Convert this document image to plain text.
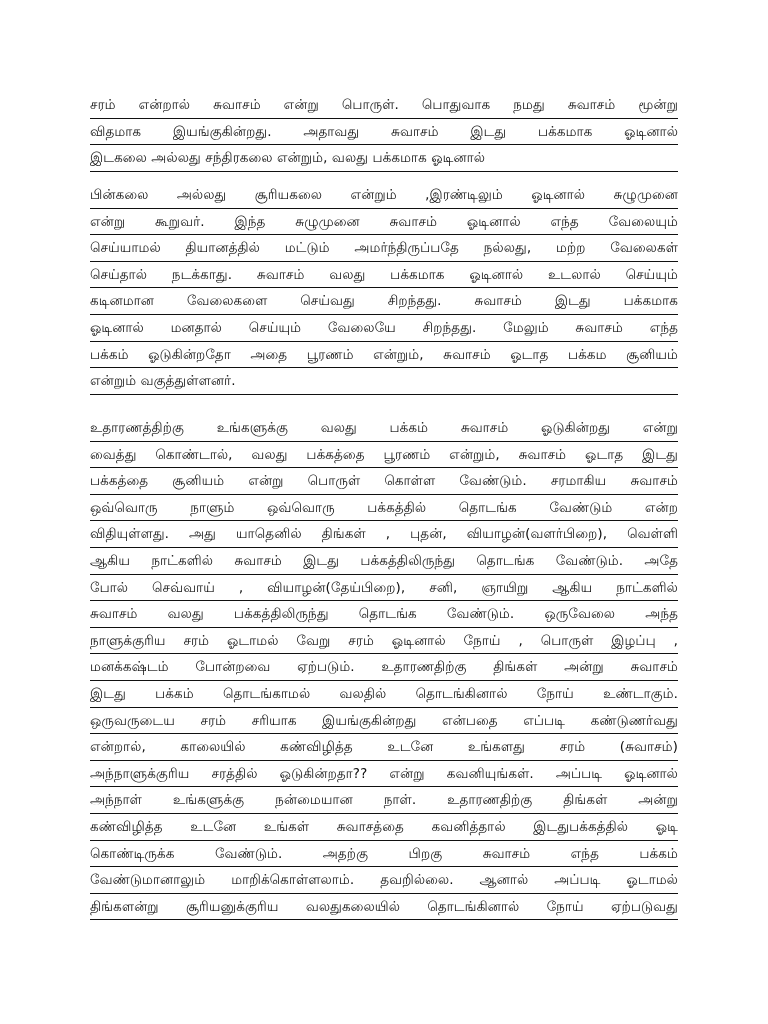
சரம் என்றால் சுவாசம் என்று பொருள். பொதுவாக நமது சுவாசம் மூன்று
விதமாக இயங்குகின்றது. அதாவது சுவாசம் இடது பக்கமாக ஓடினால்
இடகலை அல்லது சந்திரகலை என்றும், வலது பக்கமாக ஓடினால்
பின்கலை அல்லது சூரியகலை என்றும் ,இரண்டிலும் ஓடினால் சுழுமுனை
என்று கூறுவர். இந்த சுழுமுனை சுவாசம் ஓடினால் எந்த வேலையும்
செய்யாமல் தியானத்தில் மட்டும் அமர்ந்திருப்பதே நல்லது, மற்ற வேலைகள்
செய்தால் நடக்காது. சுவாசம் வலது பக்கமாக ஓடினால் உடலால் செய்யும்
கடினமான வேலைகளை செய்வது சிறந்தது. சுவாசம் இடது பக்கமாக
ஓடினால் மனதால் செய்யும் வேலையே சிறந்தது. மேலும் சுவாசம் எந்த
பக்கம் ஓடுகின்றதோ அதை பூரணம் என்றும், சுவாசம் ஓடாத பக்கம சூனியம்
என்றும் வகுத்துள்ளனர்.
உதாரணத்திற்கு உங்களுக்கு வலது பக்கம் சுவாசம் ஓடுகின்றது என்று
வைத்து கொண்டால், வலது பக்கத்தை பூரணம் என்றும், சுவாசம் ஓடாத இடது
பக்கத்தை சூனியம் என்று பொருள் கொள்ள வேண்டும். சரமாகிய சுவாசம்
ஒவ்வொரு நாளும் ஒவ்வொரு பக்கத்தில் தொடங்க வேண்டும் என்ற
விதியுள்ளது. அது யாதெனில் திங்கள் , புதன், வியாழன்(வளர்பிறை), வெள்ளி
ஆகிய நாட்களில் சுவாசம் இடது பக்கத்திலிருந்து தொடங்க வேண்டும். அதே
போல் செவ்வாய் , வியாழன்(தேய்பிறை), சனி, ஞாயிறு ஆகிய நாட்களில்
சுவாசம் வலது பக்கத்திலிருந்து தொடங்க வேண்டும். ஒருவேலை அந்த
நாளுக்குரிய சரம் ஓடாமல் வேறு சரம் ஓடினால் நோய் , பொருள் இழப்பு ,
மனக்கஷ்டம் போன்றவை ஏற்படும். உதாரணதிற்கு திங்கள் அன்று சுவாசம்
இடது பக்கம் தொடங்காமல் வலதில் தொடங்கினால் நோய் உண்டாகும்.
ஒருவருடைய சரம் சரியாக இயங்குகின்றது என்பதை எப்படி கண்டுணர்வது
என்றால், காலையில் கண்விழித்த உடனே உங்களது சரம் (சுவாசம்)
அந்நாளுக்குரிய சரத்தில் ஓடுகின்றதா?? என்று கவனியுங்கள். அப்படி ஓடினால்
அந்நாள் உங்களுக்கு நன்மையான நாள். உதாரணதிற்கு திங்கள் அன்று
கண்விழித்த உடனே உங்கள் சுவாசத்தை கவனித்தால் இடதுபக்கத்தில் ஓடி
கொண்டிருக்க வேண்டும். அதற்கு பிறகு சுவாசம் எந்த பக்கம்
வேண்டுமானாலும் மாறிக்கொள்ளலாம். தவறில்லை. ஆனால் அப்படி ஓடாமல்
திங்களன்று சூரியனுக்குரிய வலதுகலையில் தொடங்கினால் நோய் ஏற்படுவது
